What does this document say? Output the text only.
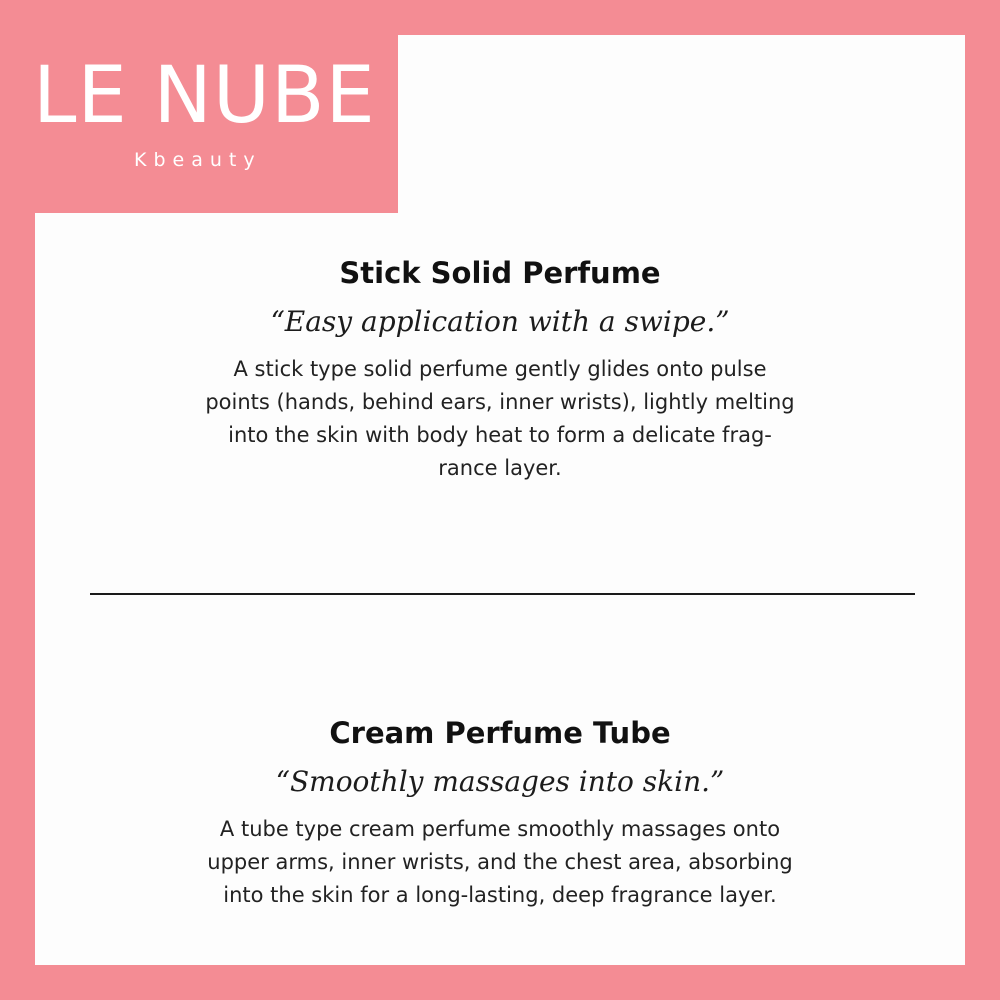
LE NUBE
Kbeauty
Stick Solid Perfume

“Easy application with a swipe.”

A stick type solid perfume gently glides onto pulse
points (hands, behind ears, inner wrists), lightly melting
into the skin with body heat to form a delicate frag-
rance layer.

Cream Perfume Tube

“Smoothly massages into skin.”

A tube type cream perfume smoothly massages onto
upper arms, inner wrists, and the chest area, absorbing
into the skin for a long-lasting, deep fragrance layer.
